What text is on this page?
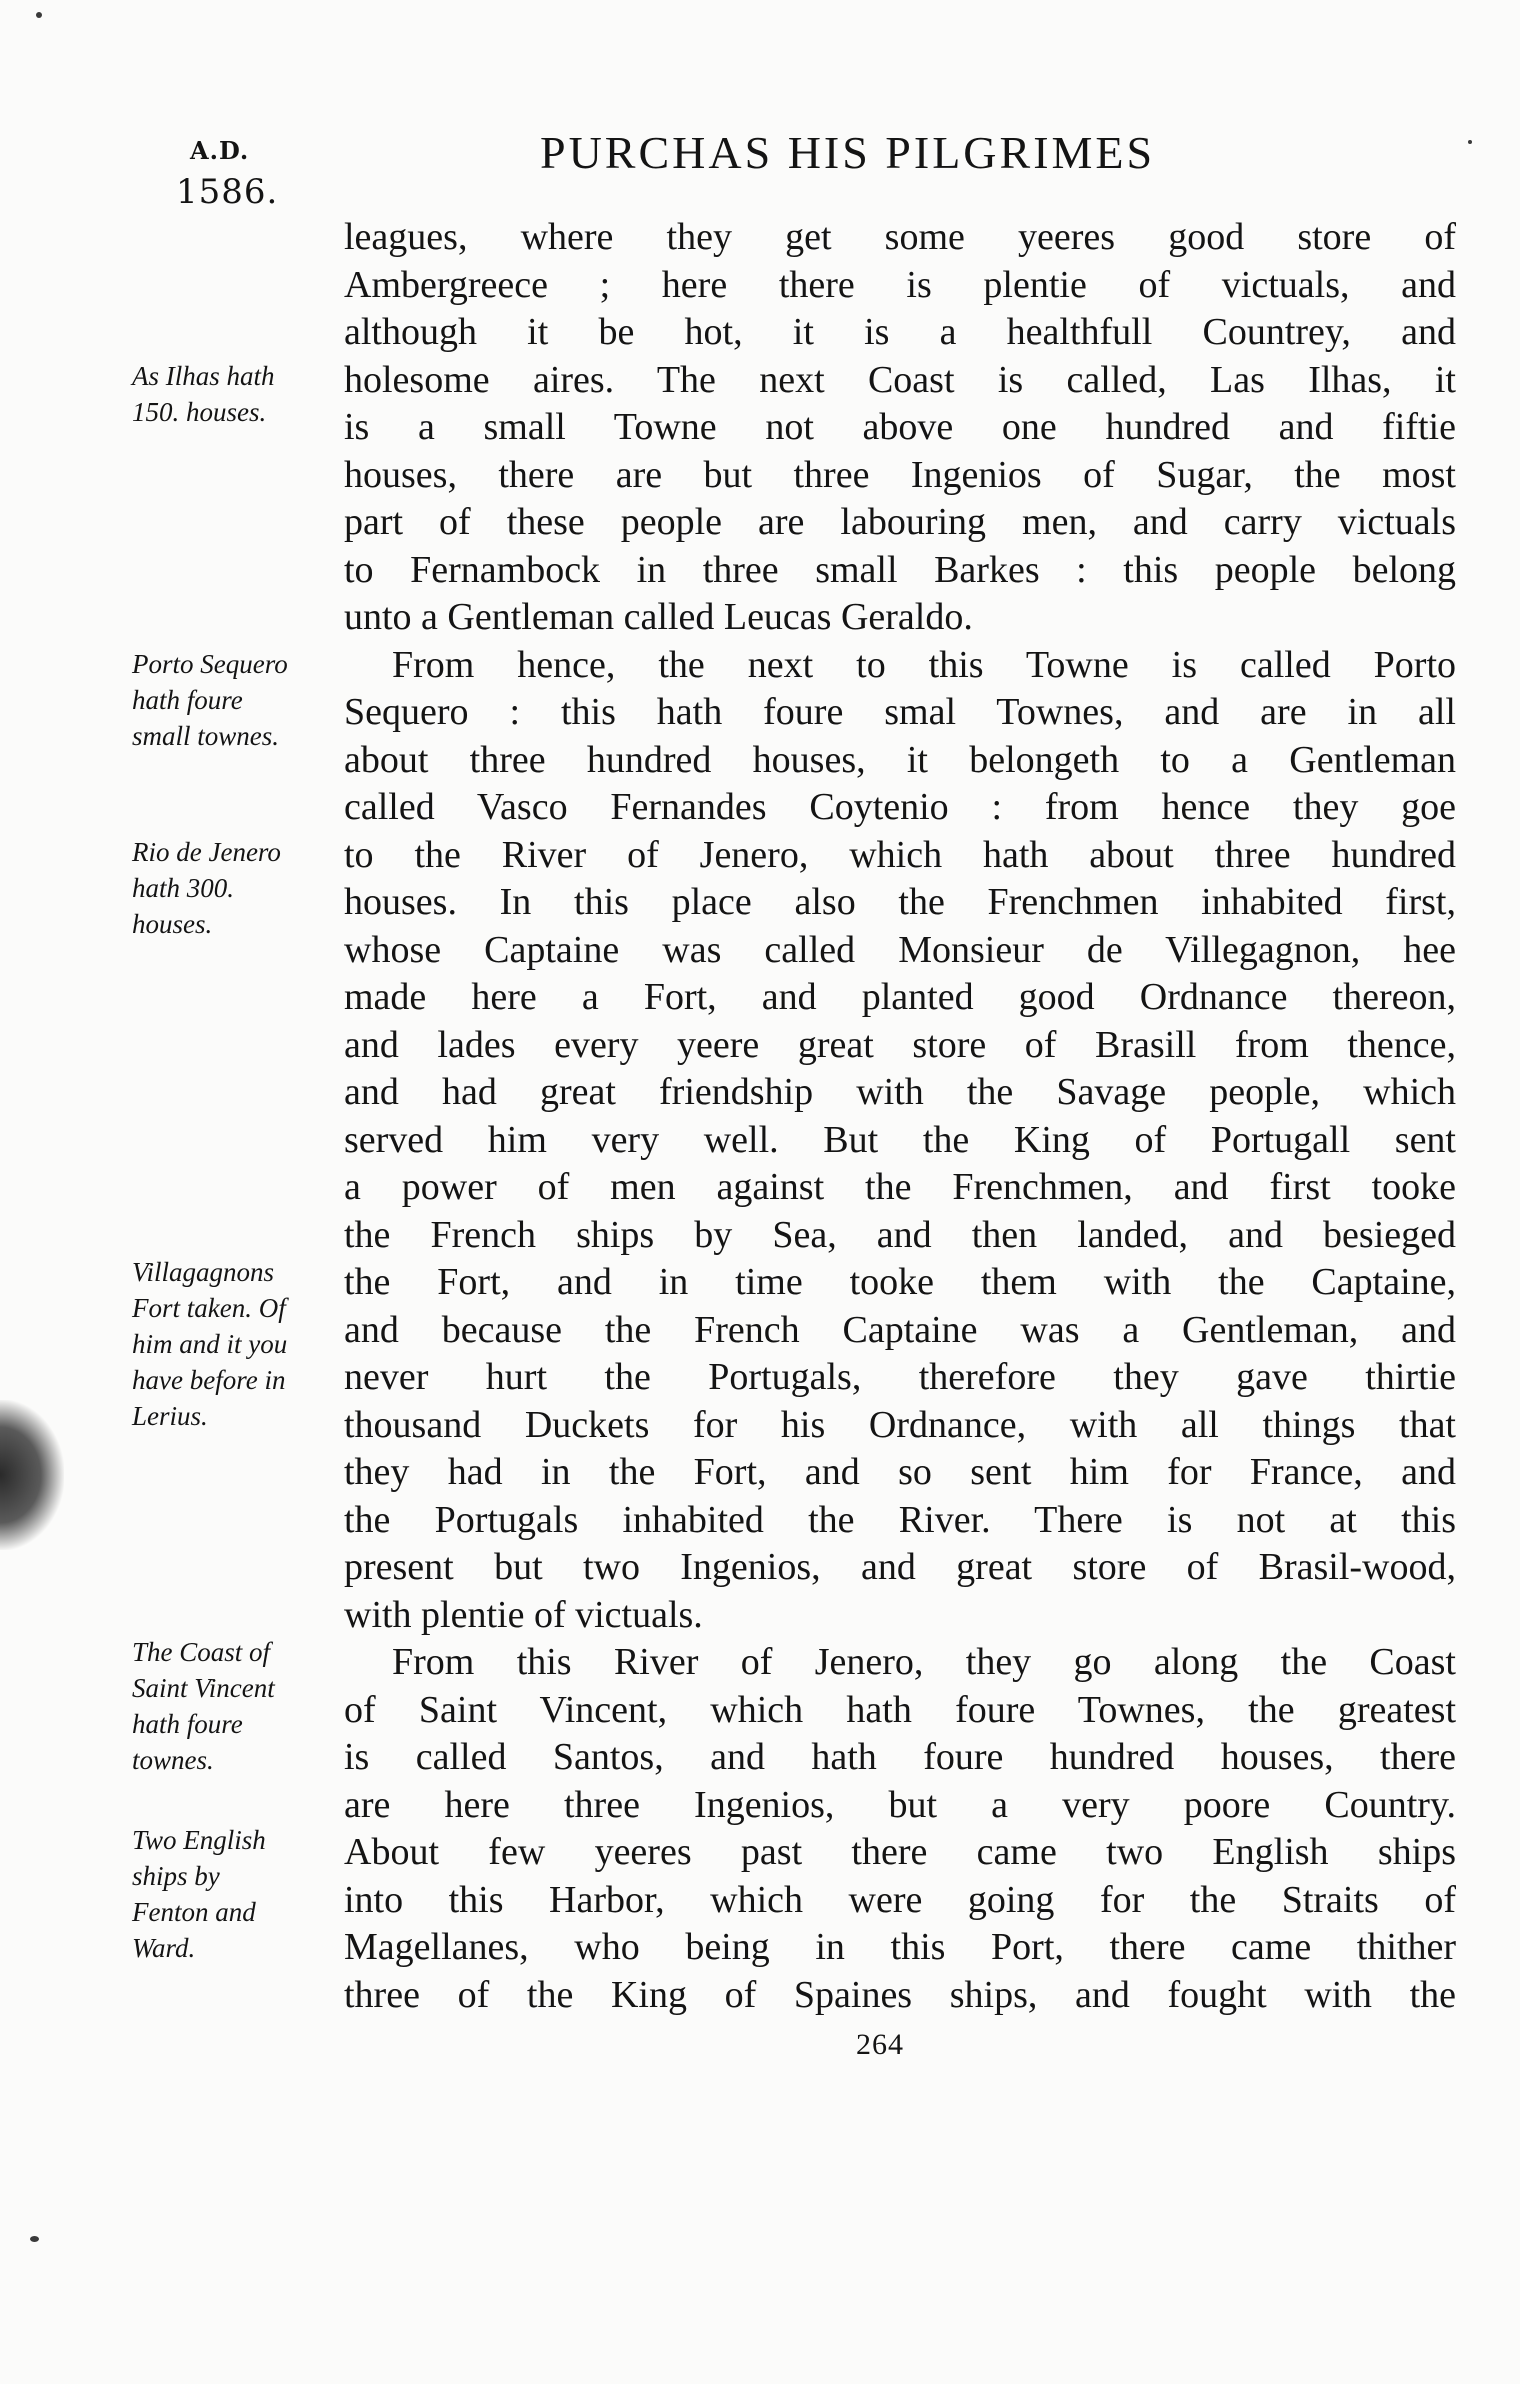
A.D.
1586.
PURCHAS HIS PILGRIMES
leagues, where they get some yeeres good store of
Ambergreece ; here there is plentie of victuals, and
although it be hot, it is a healthfull Countrey, and
holesome aires. The next Coast is called, Las Ilhas, it
is a small Towne not above one hundred and fiftie
houses, there are but three Ingenios of Sugar, the most
part of these people are labouring men, and carry victuals
to Fernambock in three small Barkes : this people belong
unto a Gentleman called Leucas Geraldo.
From hence, the next to this Towne is called Porto
Sequero : this hath foure smal Townes, and are in all
about three hundred houses, it belongeth to a Gentleman
called Vasco Fernandes Coytenio : from hence they goe
to the River of Jenero, which hath about three hundred
houses. In this place also the Frenchmen inhabited first,
whose Captaine was called Monsieur de Villegagnon, hee
made here a Fort, and planted good Ordnance thereon,
and lades every yeere great store of Brasill from thence,
and had great friendship with the Savage people, which
served him very well. But the King of Portugall sent
a power of men against the Frenchmen, and first tooke
the French ships by Sea, and then landed, and besieged
the Fort, and in time tooke them with the Captaine,
and because the French Captaine was a Gentleman, and
never hurt the Portugals, therefore they gave thirtie
thousand Duckets for his Ordnance, with all things that
they had in the Fort, and so sent him for France, and
the Portugals inhabited the River. There is not at this
present but two Ingenios, and great store of Brasil-wood,
with plentie of victuals.
From this River of Jenero, they go along the Coast
of Saint Vincent, which hath foure Townes, the greatest
is called Santos, and hath foure hundred houses, there
are here three Ingenios, but a very poore Country.
About few yeeres past there came two English ships
into this Harbor, which were going for the Straits of
Magellanes, who being in this Port, there came thither
three of the King of Spaines ships, and fought with the
As Ilhas hath
150. houses.
Porto Sequero
hath foure
small townes.
Rio de Jenero
hath 300.
houses.
Villagagnons
Fort taken. Of
him and it you
have before in
Lerius.
The Coast of
Saint Vincent
hath foure
townes.
Two English
ships by
Fenton and
Ward.
264
